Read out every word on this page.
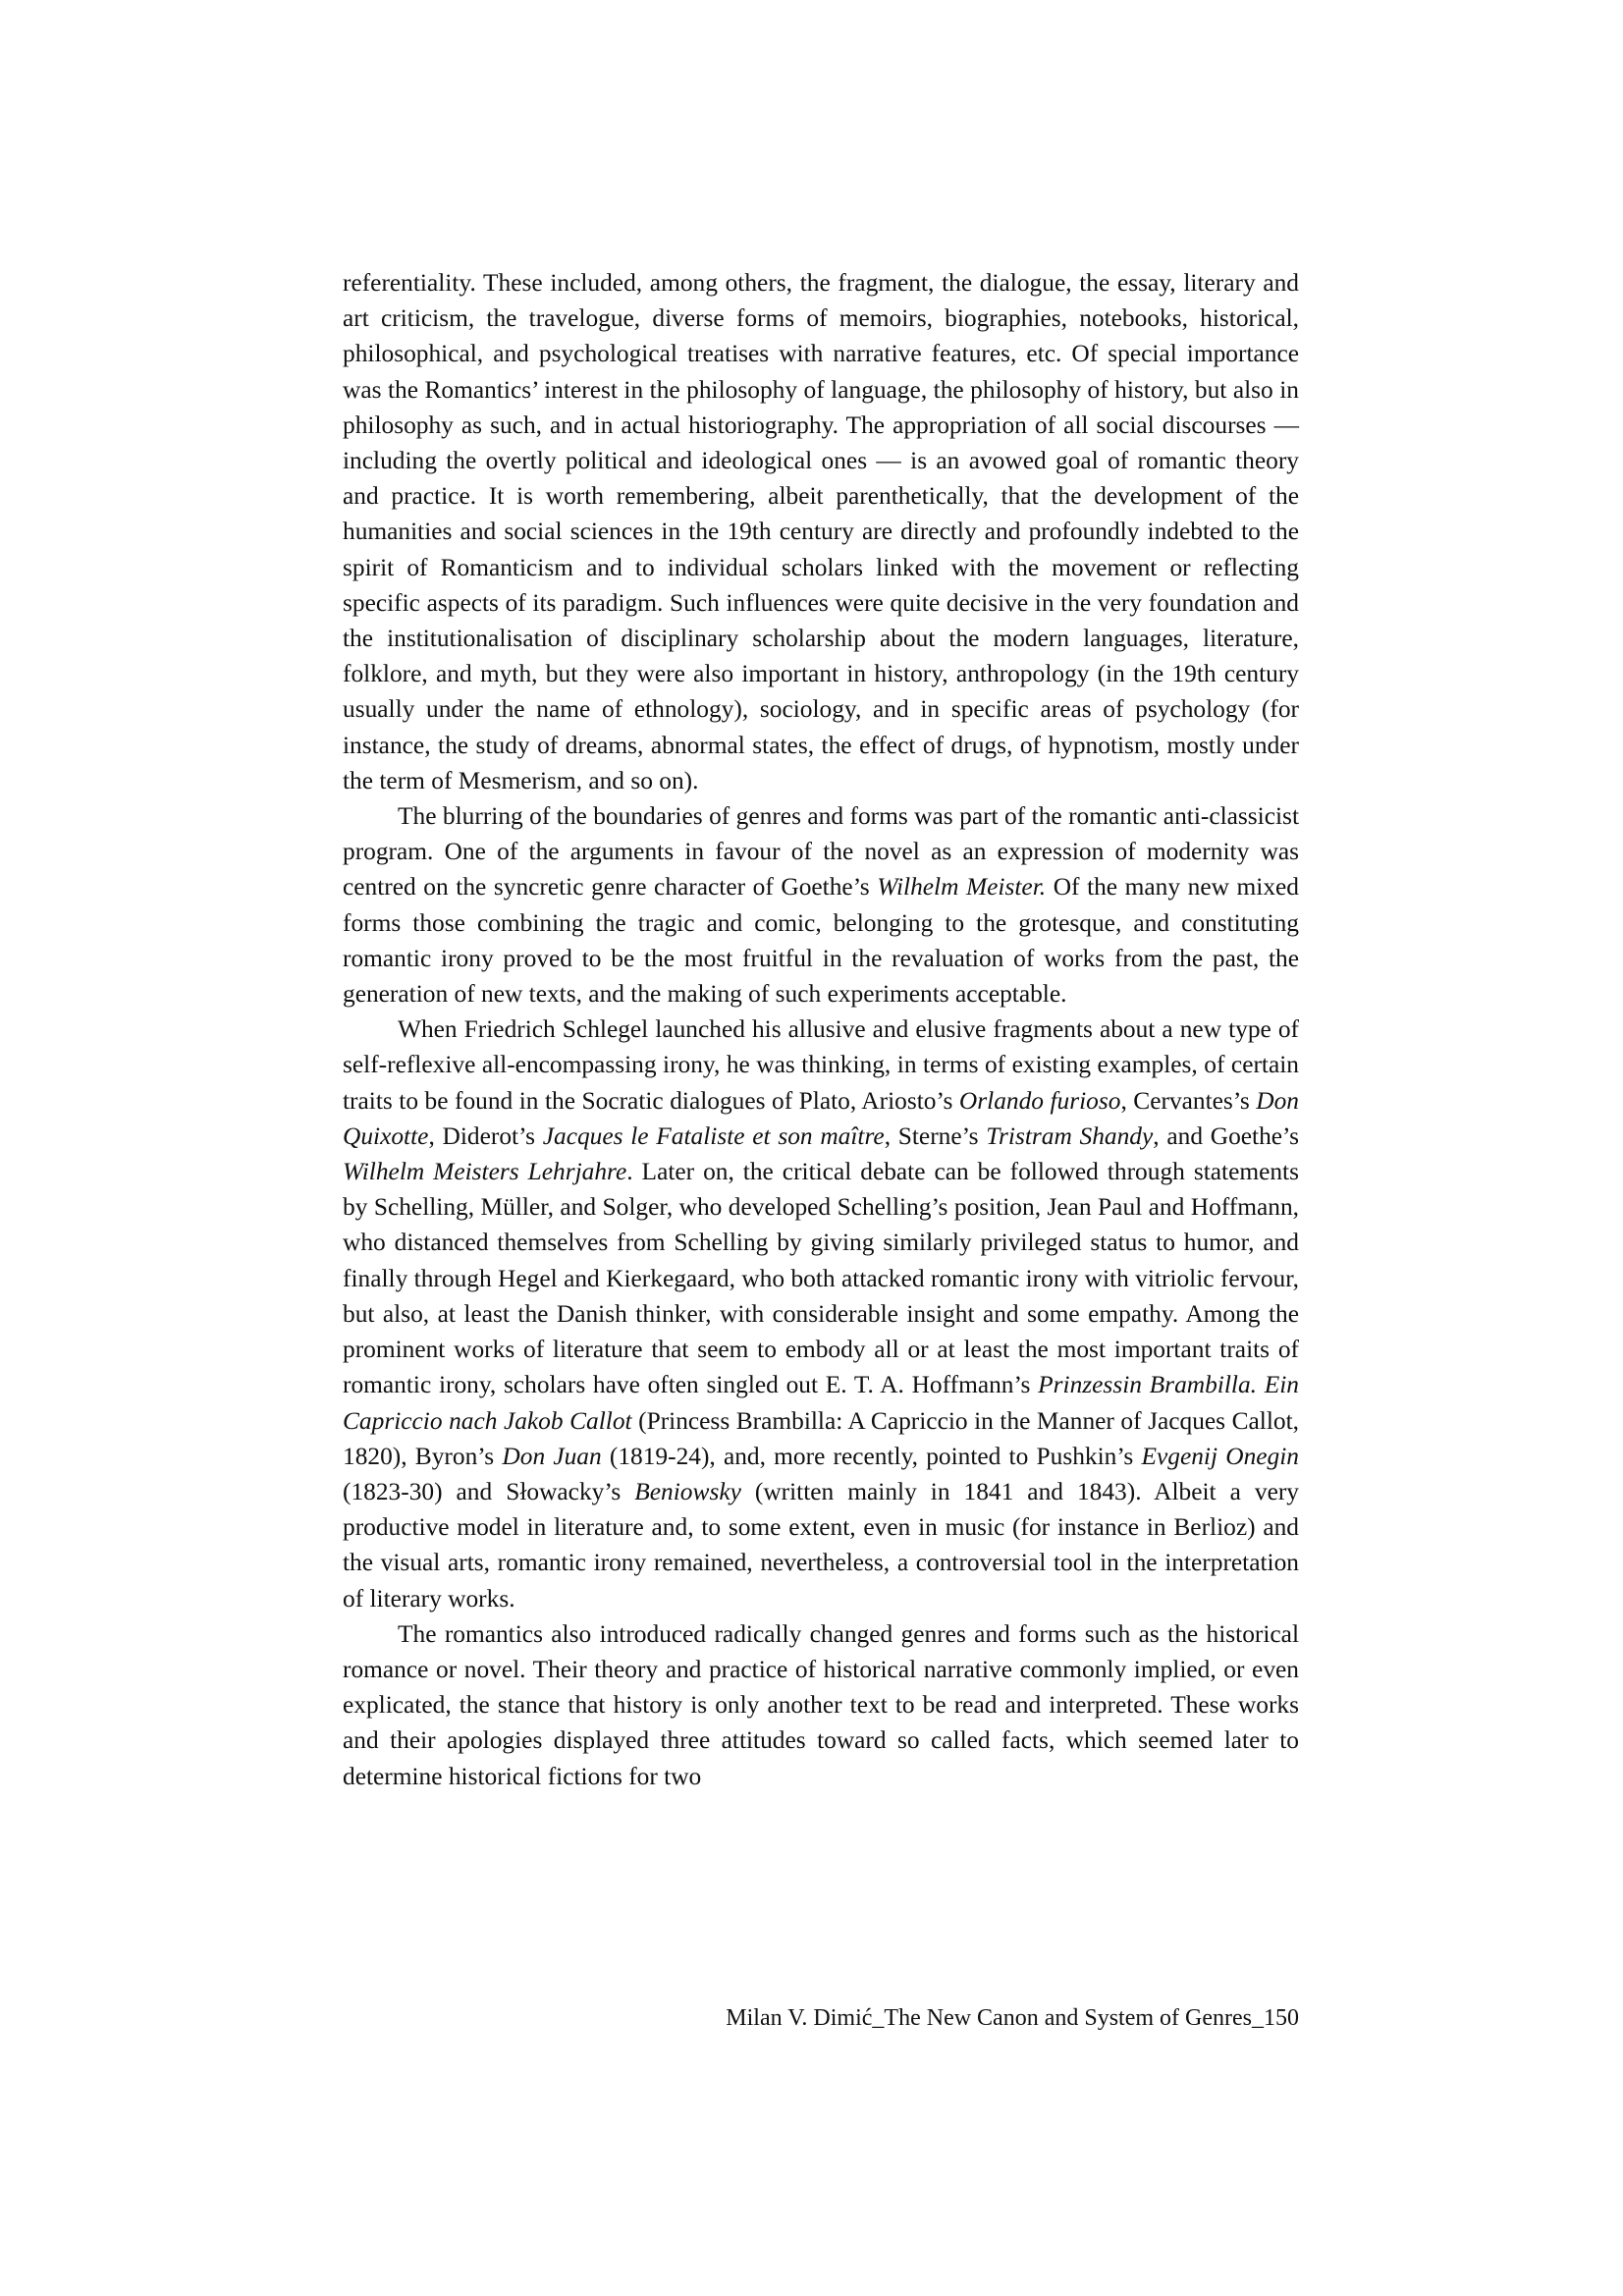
referentiality. These included, among others, the fragment, the dialogue, the essay, literary and art criticism, the travelogue, diverse forms of memoirs, biographies, notebooks, historical, philosophical, and psychological treatises with narrative features, etc. Of special importance was the Romantics’ interest in the philosophy of language, the philosophy of history, but also in philosophy as such, and in actual historiography. The appropriation of all social discourses — including the overtly political and ideological ones — is an avowed goal of romantic theory and practice. It is worth remembering, albeit parenthetically, that the development of the humanities and social sciences in the 19th century are directly and profoundly indebted to the spirit of Romanticism and to individual scholars linked with the movement or reflecting specific aspects of its paradigm. Such influences were quite decisive in the very foundation and the institutionalisation of disciplinary scholarship about the modern languages, literature, folklore, and myth, but they were also important in history, anthropology (in the 19th century usually under the name of ethnology), sociology, and in specific areas of psychology (for instance, the study of dreams, abnormal states, the effect of drugs, of hypnotism, mostly under the term of Mesmerism, and so on).

The blurring of the boundaries of genres and forms was part of the romantic anti-classicist program. One of the arguments in favour of the novel as an expression of modernity was centred on the syncretic genre character of Goethe’s Wilhelm Meister. Of the many new mixed forms those combining the tragic and comic, belonging to the grotesque, and constituting romantic irony proved to be the most fruitful in the revaluation of works from the past, the generation of new texts, and the making of such experiments acceptable.

When Friedrich Schlegel launched his allusive and elusive fragments about a new type of self-reflexive all-encompassing irony, he was thinking, in terms of existing examples, of certain traits to be found in the Socratic dialogues of Plato, Ariosto’s Orlando furioso, Cervantes’s Don Quixotte, Diderot’s Jacques le Fataliste et son maître, Sterne’s Tristram Shandy, and Goethe’s Wilhelm Meisters Lehrjahre. Later on, the critical debate can be followed through statements by Schelling, Müller, and Solger, who developed Schelling’s position, Jean Paul and Hoffmann, who distanced themselves from Schelling by giving similarly privileged status to humor, and finally through Hegel and Kierkegaard, who both attacked romantic irony with vitriolic fervour, but also, at least the Danish thinker, with considerable insight and some empathy. Among the prominent works of literature that seem to embody all or at least the most important traits of romantic irony, scholars have often singled out E. T. A. Hoffmann’s Prinzessin Brambilla. Ein Capriccio nach Jakob Callot (Princess Brambilla: A Capriccio in the Manner of Jacques Callot, 1820), Byron’s Don Juan (1819-24), and, more recently, pointed to Pushkin’s Evgenij Onegin (1823-30) and Słowacky’s Beniowsky (written mainly in 1841 and 1843). Albeit a very productive model in literature and, to some extent, even in music (for instance in Berlioz) and the visual arts, romantic irony remained, nevertheless, a controversial tool in the interpretation of literary works.

The romantics also introduced radically changed genres and forms such as the historical romance or novel. Their theory and practice of historical narrative commonly implied, or even explicated, the stance that history is only another text to be read and interpreted. These works and their apologies displayed three attitudes toward so called facts, which seemed later to determine historical fictions for two

Milan V. Dimić_The New Canon and System of Genres_150
